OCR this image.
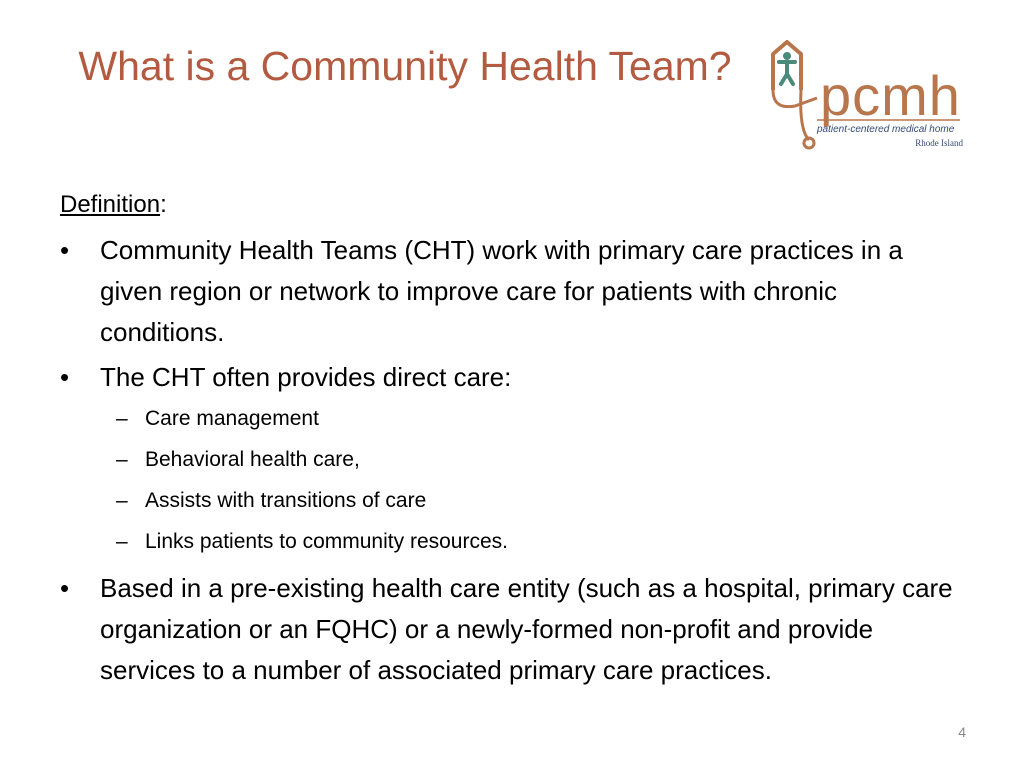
What is a Community Health Team?	pcmh
patient-centered medical home
Rhode Island

Definition:

• Community Health Teams (CHT) work with primary care practices in a given region or network to improve care for patients with chronic conditions.
• The CHT often provides direct care:
– Care management
– Behavioral health care,
– Assists with transitions of care
– Links patients to community resources.
• Based in a pre-existing health care entity (such as a hospital, primary care organization or an FQHC) or a newly-formed non-profit and provide services to a number of associated primary care practices.
4
